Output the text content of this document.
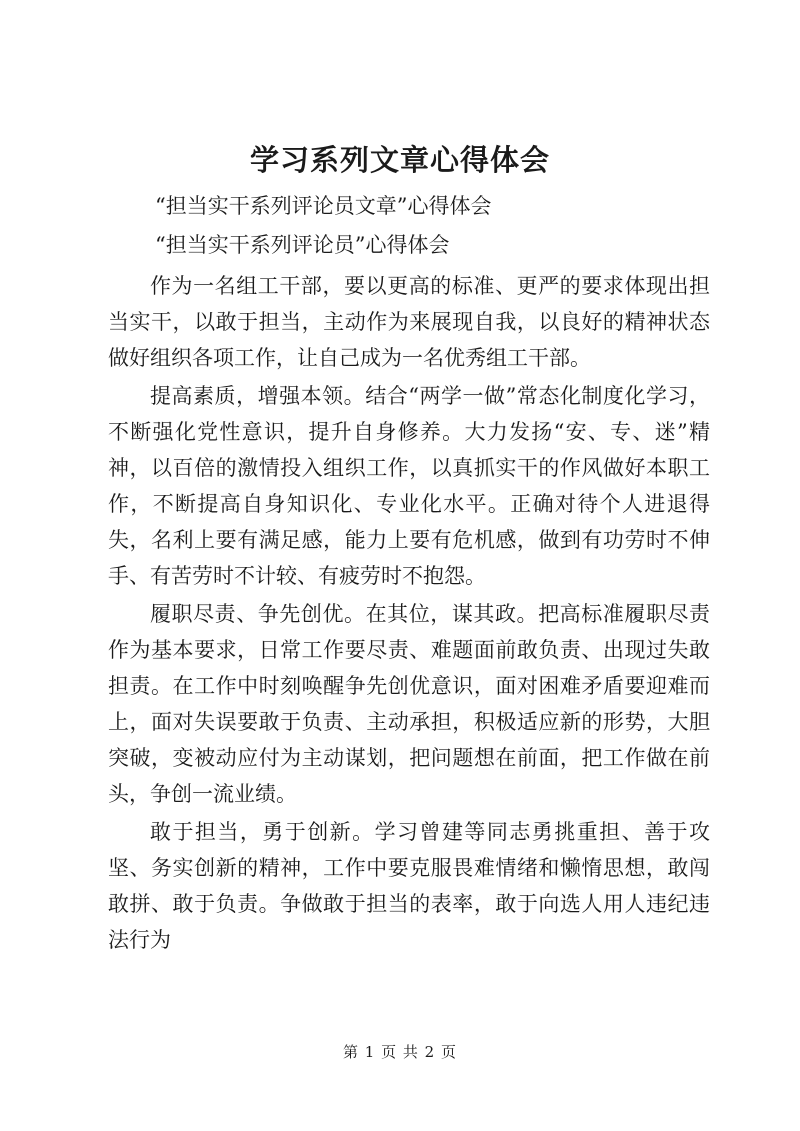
学习系列文章心得体会
“担当实干系列评论员文章”心得体会
“担当实干系列评论员”心得体会

作为一名组工干部，要以更高的标准、更严的要求体现出担当实干，以敢于担当，主动作为来展现自我，以良好的精神状态做好组织各项工作，让自己成为一名优秀组工干部。

提高素质，增强本领。结合“两学一做”常态化制度化学习，不断强化党性意识，提升自身修养。大力发扬“安、专、迷”精神，以百倍的激情投入组织工作，以真抓实干的作风做好本职工作，不断提高自身知识化、专业化水平。正确对待个人进退得失，名利上要有满足感，能力上要有危机感，做到有功劳时不伸手、有苦劳时不计较、有疲劳时不抱怨。

履职尽责、争先创优。在其位，谋其政。把高标准履职尽责作为基本要求，日常工作要尽责、难题面前敢负责、出现过失敢担责。在工作中时刻唤醒争先创优意识，面对困难矛盾要迎难而上，面对失误要敢于负责、主动承担，积极适应新的形势，大胆突破，变被动应付为主动谋划，把问题想在前面，把工作做在前头，争创一流业绩。

敢于担当，勇于创新。学习曾建等同志勇挑重担、善于攻坚、务实创新的精神，工作中要克服畏难情绪和懒惰思想，敢闯敢拼、敢于负责。争做敢于担当的表率，敢于向选人用人违纪违法行为

第 1 页 共 2 页
